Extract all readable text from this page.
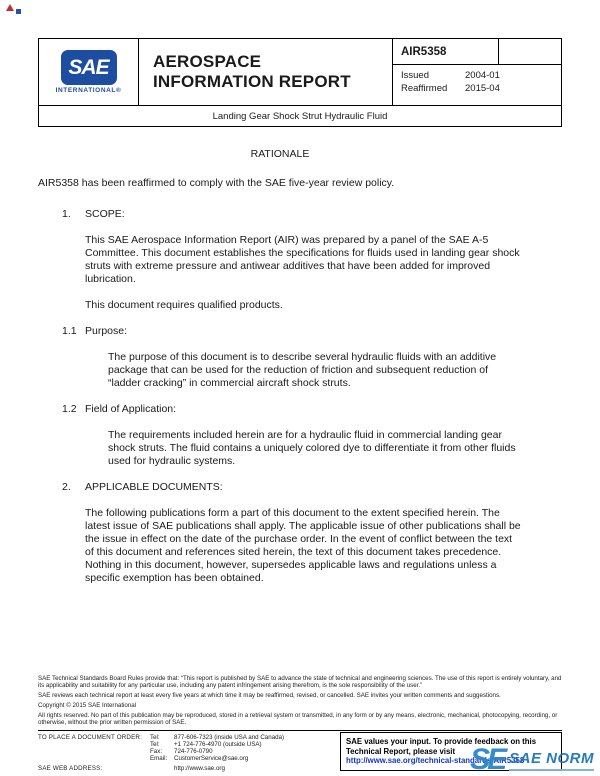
SAE
INTERNATIONAL®
AEROSPACE
INFORMATION REPORT
AIR5358
Issued	2004-01
Reaffirmed	2015-04
Landing Gear Shock Strut Hydraulic Fluid
RATIONALE

AIR5358 has been reaffirmed to comply with the SAE five-year review policy.

1.	SCOPE:

This SAE Aerospace Information Report (AIR) was prepared by a panel of the SAE A-5 Committee. This document establishes the specifications for fluids used in landing gear shock struts with extreme pressure and antiwear additives that have been added for improved lubrication.

This document requires qualified products.

1.1 Purpose:

The purpose of this document is to describe several hydraulic fluids with an additive package that can be used for the reduction of friction and subsequent reduction of “ladder cracking” in commercial aircraft shock struts.

1.2 Field of Application:

The requirements included herein are for a hydraulic fluid in commercial landing gear shock struts. The fluid contains a uniquely colored dye to differentiate it from other fluids used for hydraulic systems.

2.	APPLICABLE DOCUMENTS:

The following publications form a part of this document to the extent specified herein. The latest issue of SAE publications shall apply. The applicable issue of other publications shall be the issue in effect on the date of the purchase order. In the event of conflict between the text of this document and references sited herein, the text of this document takes precedence. Nothing in this document, however, supersedes applicable laws and regulations unless a specific exemption has been obtained.

SAE Technical Standards Board Rules provide that: “This report is published by SAE to advance the state of technical and engineering sciences. The use of this report is entirely voluntary, and its applicability and suitability for any particular use, including any patent infringement arising therefrom, is the sole responsibility of the user.”

SAE reviews each technical report at least every five years at which time it may be reaffirmed, revised, or cancelled. SAE invites your written comments and suggestions.

Copyright © 2015 SAE International

All rights reserved. No part of this publication may be reproduced, stored in a retrieval system or transmitted, in any form or by any means, electronic, mechanical, photocopying, recording, or otherwise, without the prior written permission of SAE.

TO PLACE A DOCUMENT ORDER:	Tel:	877-606-7323 (inside USA and Canada)
Tel:	+1 724-776-4970 (outside USA)
Fax:	724-776-0790
Email:	CustomerService@sae.org
SAE WEB ADDRESS:	http://www.sae.org
SAE values your input. To provide feedback on this Technical Report, please visit http://www.sae.org/technical-standards/AIR5358
SE SAE NORM
